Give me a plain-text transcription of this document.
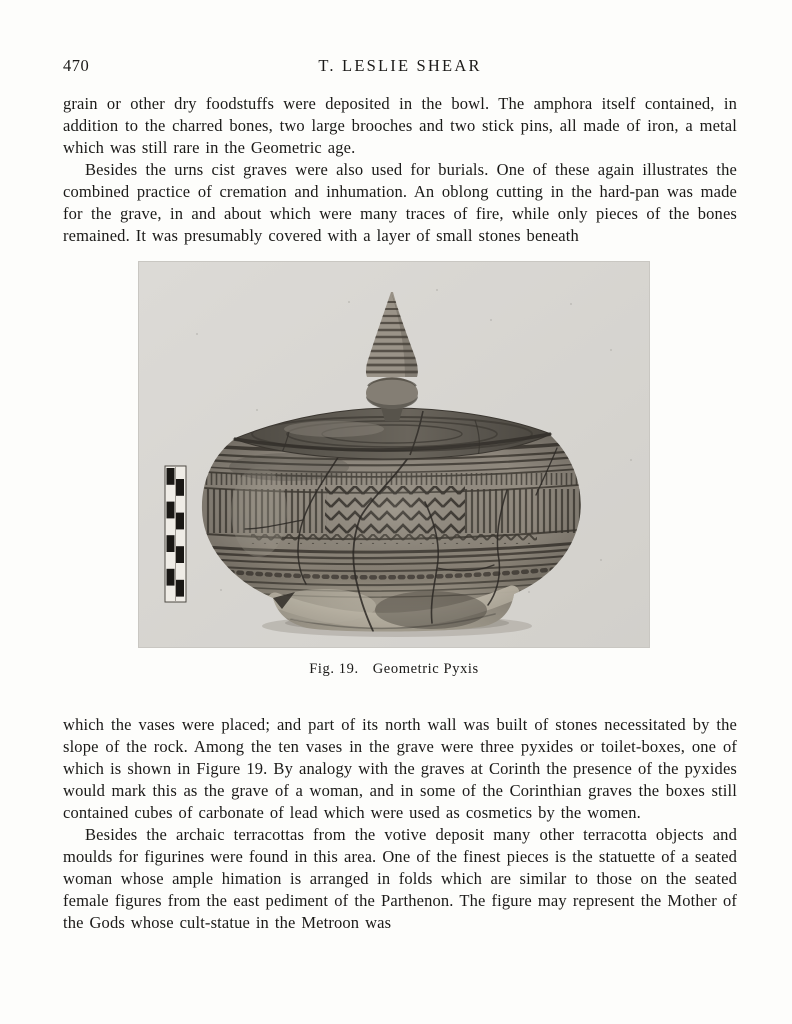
470	T. LESLIE SHEAR

grain or other dry foodstuffs were deposited in the bowl. The amphora itself contained, in addition to the charred bones, two large brooches and two stick pins, all made of iron, a metal which was still rare in the Geometric age.

Besides the urns cist graves were also used for burials. One of these again illustrates the combined practice of cremation and inhumation. An oblong cutting in the hard-pan was made for the grave, in and about which were many traces of fire, while only pieces of the bones remained. It was presumably covered with a layer of small stones beneath

Fig. 19. Geometric Pyxis

which the vases were placed; and part of its north wall was built of stones necessitated by the slope of the rock. Among the ten vases in the grave were three pyxides or toilet-boxes, one of which is shown in Figure 19. By analogy with the graves at Corinth the presence of the pyxides would mark this as the grave of a woman, and in some of the Corinthian graves the boxes still contained cubes of carbonate of lead which were used as cosmetics by the women.

Besides the archaic terracottas from the votive deposit many other terracotta objects and moulds for figurines were found in this area. One of the finest pieces is the statuette of a seated woman whose ample himation is arranged in folds which are similar to those on the seated female figures from the east pediment of the Parthenon. The figure may represent the Mother of the Gods whose cult-statue in the Metroon was
